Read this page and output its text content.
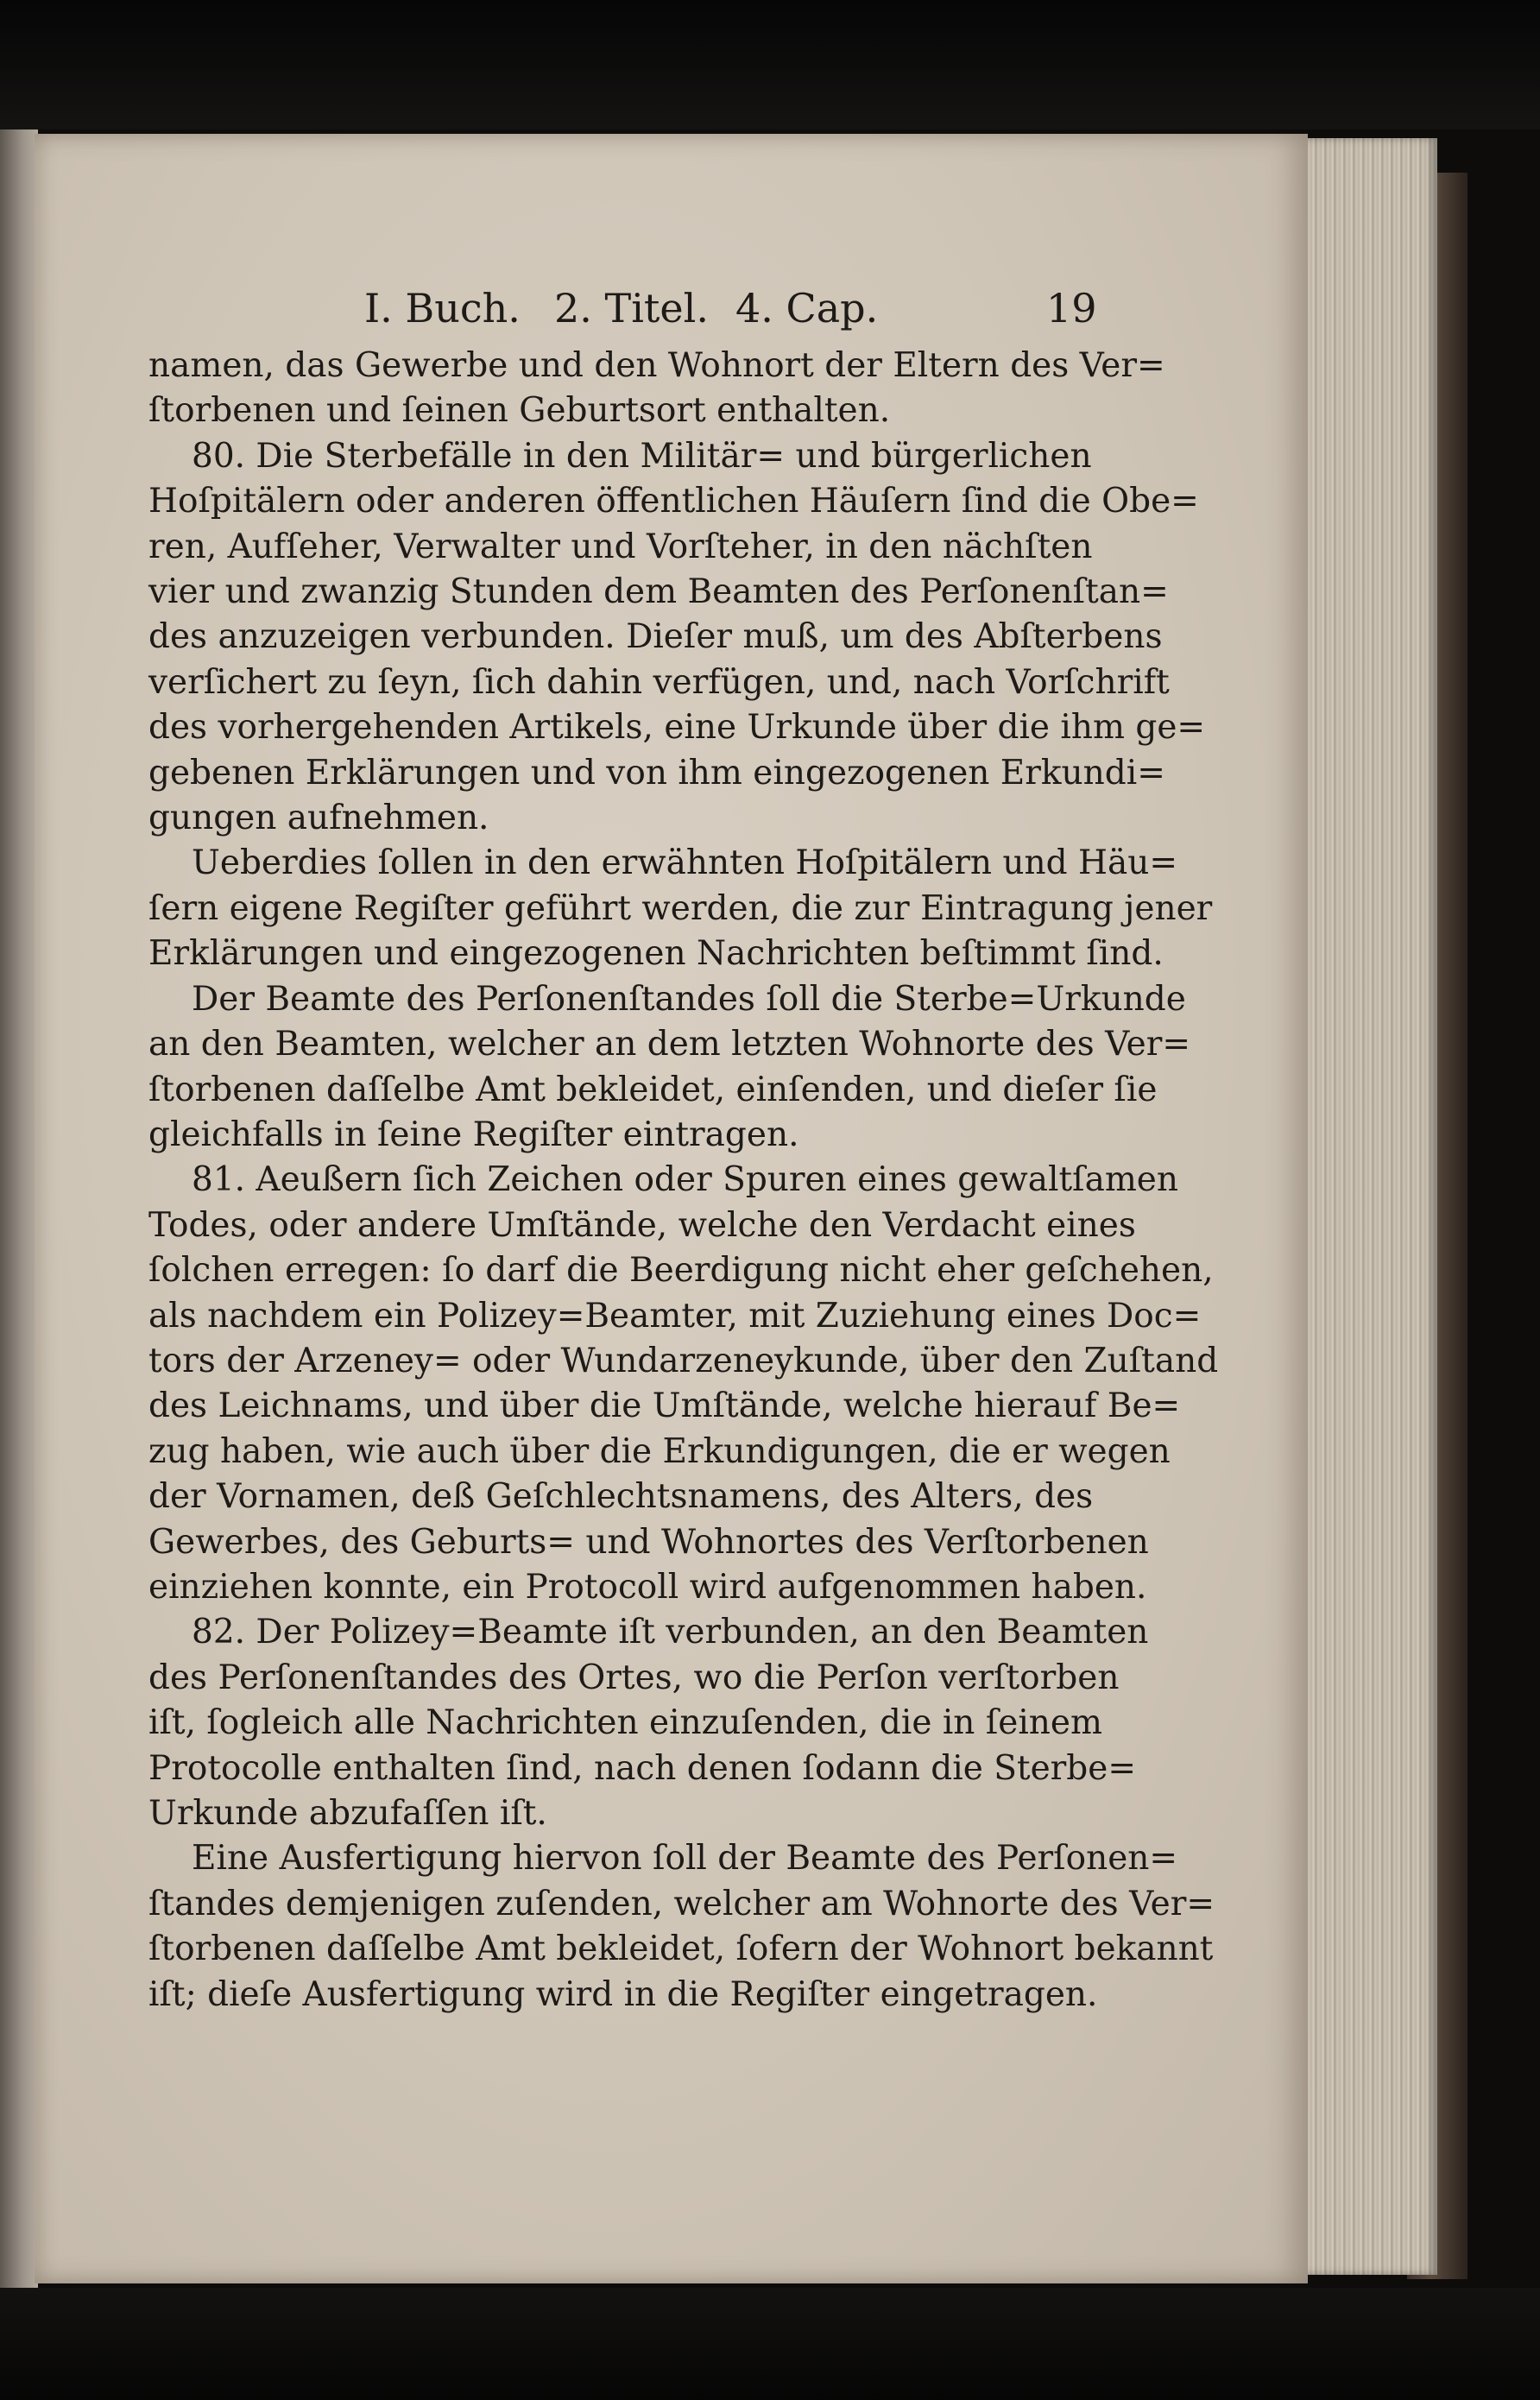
I. Buch. 2. Titel. 4. Cap.	19
namen, das Gewerbe und den Wohnort der Eltern des Ver=
ſtorbenen und ſeinen Geburtsort enthalten.
80. Die Sterbefälle in den Militär= und bürgerlichen
Hoſpitälern oder anderen öffentlichen Häuſern ſind die Obe=
ren, Aufſeher, Verwalter und Vorſteher, in den nächſten
vier und zwanzig Stunden dem Beamten des Perſonenſtan=
des anzuzeigen verbunden. Dieſer muß, um des Abſterbens
verſichert zu ſeyn, ſich dahin verfügen, und, nach Vorſchrift
des vorhergehenden Artikels, eine Urkunde über die ihm ge=
gebenen Erklärungen und von ihm eingezogenen Erkundi=
gungen aufnehmen.
Ueberdies ſollen in den erwähnten Hoſpitälern und Häu=
ſern eigene Regiſter geführt werden, die zur Eintragung jener
Erklärungen und eingezogenen Nachrichten beſtimmt ſind.
Der Beamte des Perſonenſtandes ſoll die Sterbe=Urkunde
an den Beamten, welcher an dem letzten Wohnorte des Ver=
ſtorbenen daſſelbe Amt bekleidet, einſenden, und dieſer ſie
gleichfalls in ſeine Regiſter eintragen.
81. Aeußern ſich Zeichen oder Spuren eines gewaltſamen
Todes, oder andere Umſtände, welche den Verdacht eines
ſolchen erregen: ſo darf die Beerdigung nicht eher geſchehen,
als nachdem ein Polizey=Beamter, mit Zuziehung eines Doc=
tors der Arzeney= oder Wundarzeneykunde, über den Zuſtand
des Leichnams, und über die Umſtände, welche hierauf Be=
zug haben, wie auch über die Erkundigungen, die er wegen
der Vornamen, deß Geſchlechtsnamens, des Alters, des
Gewerbes, des Geburts= und Wohnortes des Verſtorbenen
einziehen konnte, ein Protocoll wird aufgenommen haben.
82. Der Polizey=Beamte iſt verbunden, an den Beamten
des Perſonenſtandes des Ortes, wo die Perſon verſtorben
iſt, ſogleich alle Nachrichten einzuſenden, die in ſeinem
Protocolle enthalten ſind, nach denen ſodann die Sterbe=
Urkunde abzufaſſen iſt.
Eine Ausfertigung hiervon ſoll der Beamte des Perſonen=
ſtandes demjenigen zuſenden, welcher am Wohnorte des Ver=
ſtorbenen daſſelbe Amt bekleidet, ſofern der Wohnort bekannt
iſt; dieſe Ausfertigung wird in die Regiſter eingetragen.
